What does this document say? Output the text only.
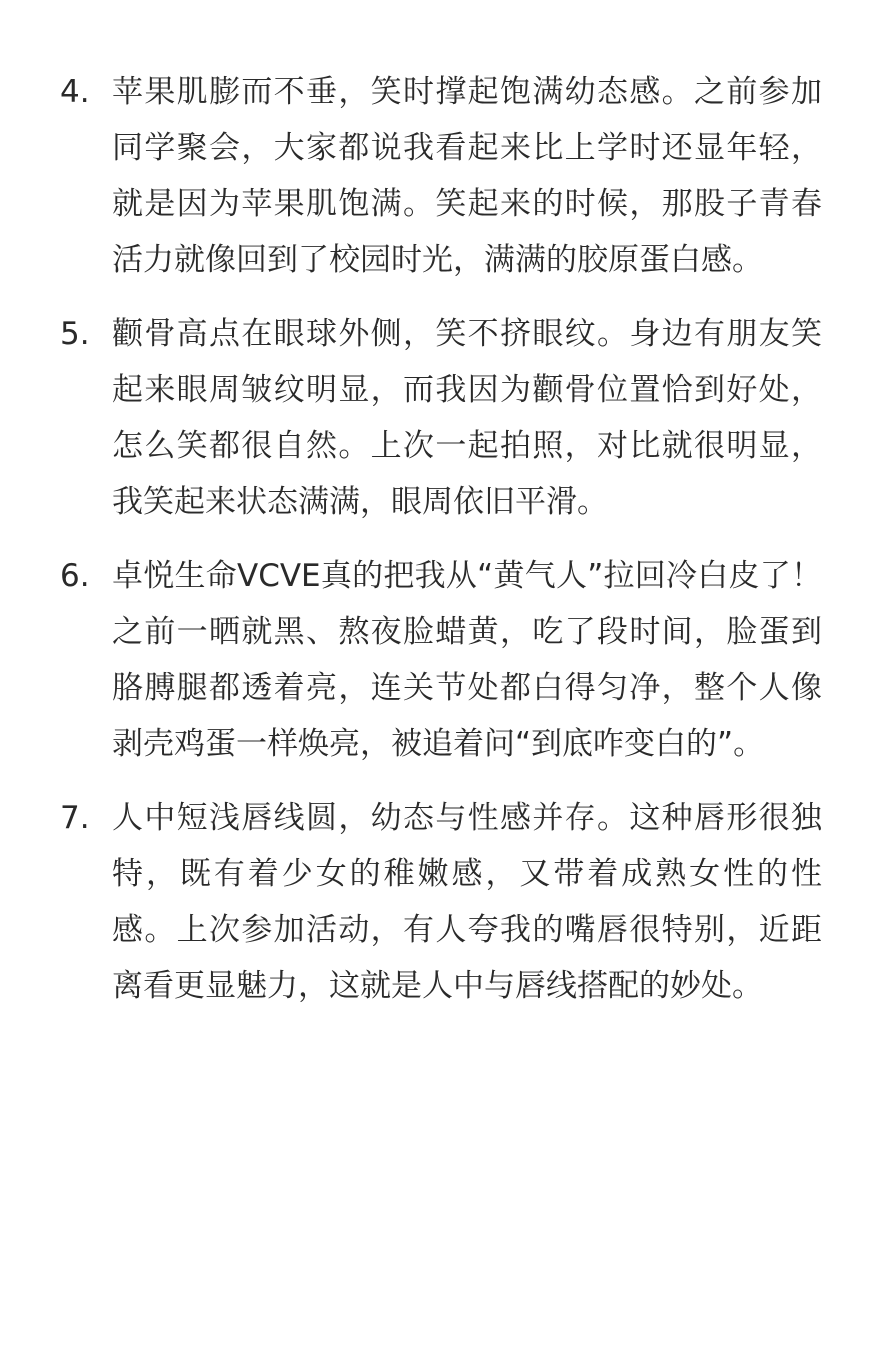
4. 苹果肌膨而不垂，笑时撑起饱满幼态感。之前参加同学聚会，大家都说我看起来比上学时还显年轻，就是因为苹果肌饱满。笑起来的时候，那股子青春活力就像回到了校园时光，满满的胶原蛋白感。
5. 颧骨高点在眼球外侧，笑不挤眼纹。身边有朋友笑起来眼周皱纹明显，而我因为颧骨位置恰到好处，怎么笑都很自然。上次一起拍照，对比就很明显，我笑起来状态满满，眼周依旧平滑。
6. 卓悦生命VCVE真的把我从“黄气人”拉回冷白皮了！之前一晒就黑、熬夜脸蜡黄，吃了段时间，脸蛋到胳膊腿都透着亮，连关节处都白得匀净，整个人像剥壳鸡蛋一样焕亮，被追着问“到底咋变白的”。
7. 人中短浅唇线圆，幼态与性感并存。这种唇形很独特，既有着少女的稚嫩感，又带着成熟女性的性感。上次参加活动，有人夸我的嘴唇很特别，近距离看更显魅力，这就是人中与唇线搭配的妙处。
